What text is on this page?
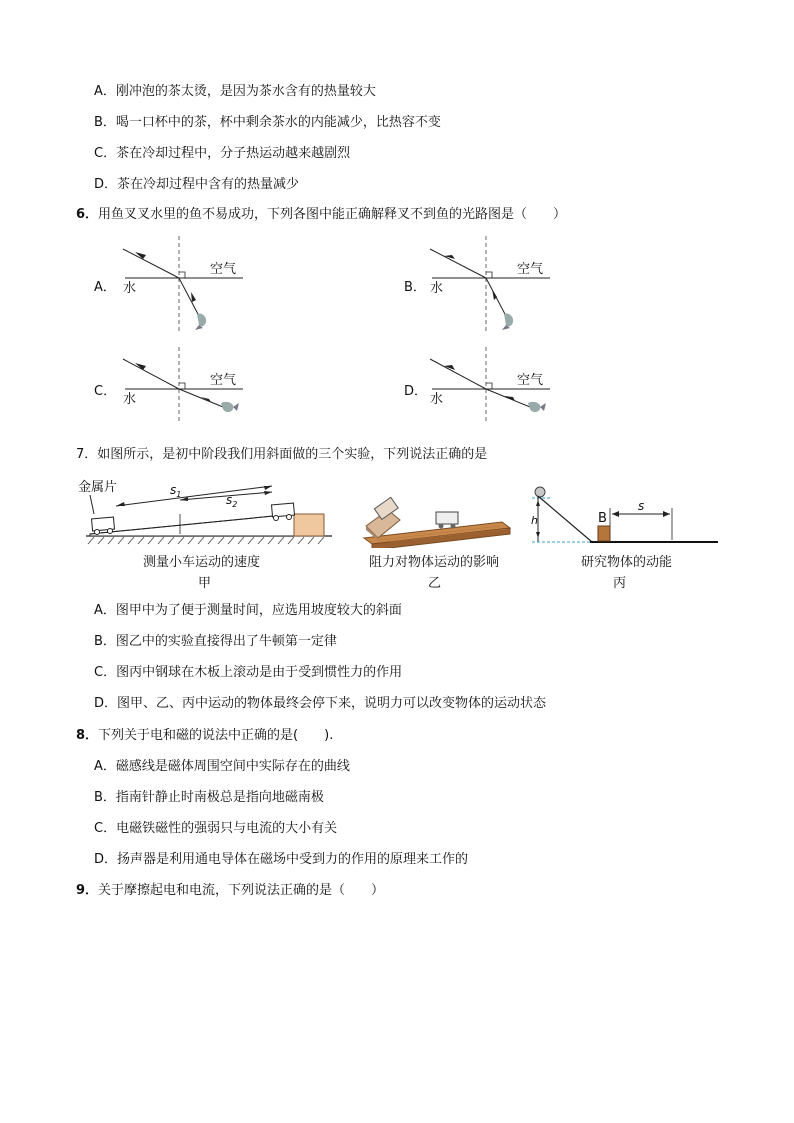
A．刚冲泡的茶太烫，是因为茶水含有的热量较大
B．喝一口杯中的茶，杯中剩余茶水的内能减少，比热容不变
C．茶在冷却过程中，分子热运动越来越剧烈
D．茶在冷却过程中含有的热量减少
6．用鱼叉叉水里的鱼不易成功，下列各图中能正确解释叉不到鱼的光路图是（　　）
A．
空气
水	B．
空气
水
C．
空气
水
D．
空气
水
7．如图所示，是初中阶段我们用斜面做的三个实验，下列说法正确的是
金属片	$s_1$	$s_2$
测量小车运动的速度
甲
阻力对物体运动的影响
乙
h	B
s
研究物体的动能
丙
A．图甲中为了便于测量时间，应选用坡度较大的斜面
B．图乙中的实验直接得出了牛顿第一定律
C．图丙中钢球在木板上滚动是由于受到惯性力的作用
D．图甲、乙、丙中运动的物体最终会停下来，说明力可以改变物体的运动状态
8．下列关于电和磁的说法中正确的是(　　).
A．磁感线是磁体周围空间中实际存在的曲线
B．指南针静止时南极总是指向地磁南极
C．电磁铁磁性的强弱只与电流的大小有关
D．扬声器是利用通电导体在磁场中受到力的作用的原理来工作的
9．关于摩擦起电和电流，下列说法正确的是（　　）
